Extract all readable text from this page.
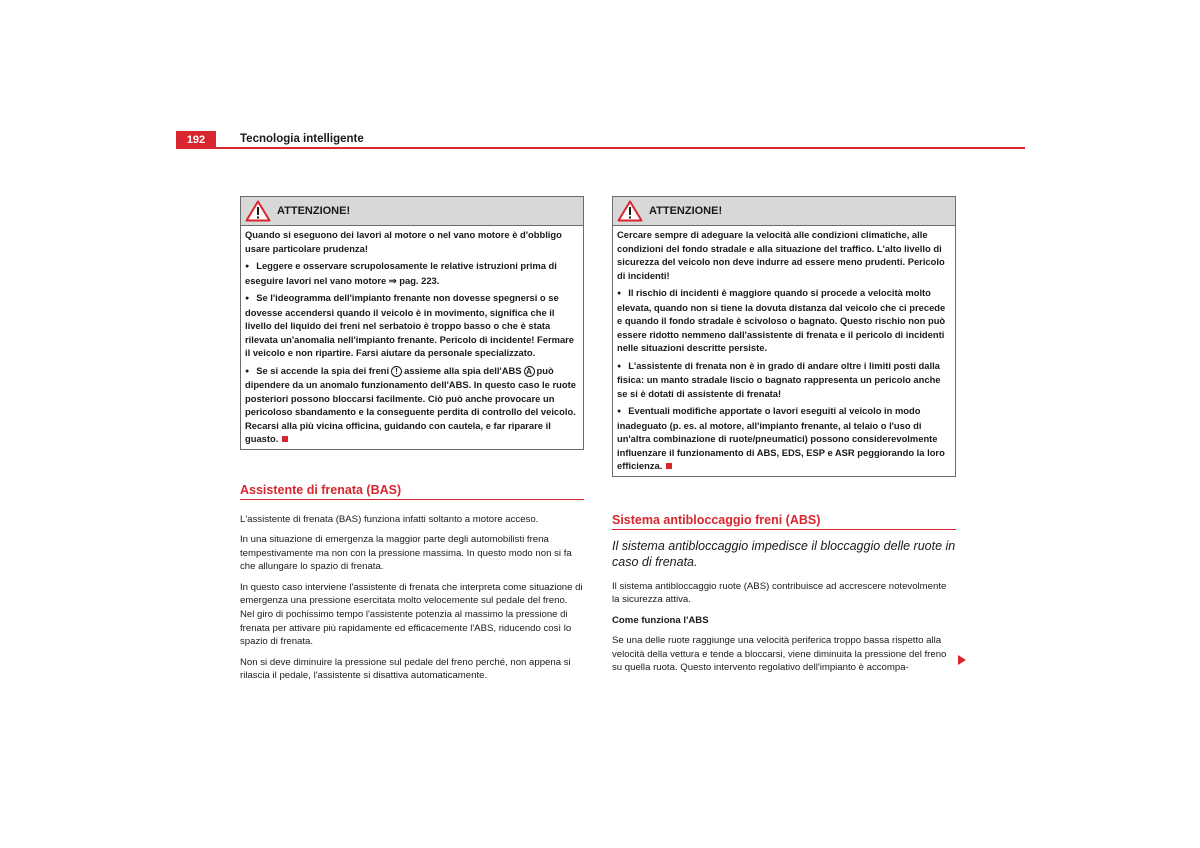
192	Tecnologia intelligente
ATTENZIONE!

Quando si eseguono dei lavori al motore o nel vano motore è d'obbligo usare particolare prudenza!

● Leggere e osservare scrupolosamente le relative istruzioni prima di eseguire lavori nel vano motore ⇒ pag. 223.

● Se l'ideogramma dell'impianto frenante non dovesse spegnersi o se dovesse accendersi quando il veicolo è in movimento, significa che il livello del liquido dei freni nel serbatoio è troppo basso o che è stata rilevata un'anomalia nell'impianto frenante. Pericolo di incidente! Fermare il veicolo e non ripartire. Farsi aiutare da personale specializzato.

● Se si accende la spia dei freni ! assieme alla spia dell'ABS A può dipendere da un anomalo funzionamento dell'ABS. In questo caso le ruote posteriori possono bloccarsi facilmente. Ciò può anche provocare un pericoloso sbandamento e la conseguente perdita di controllo del veicolo. Recarsi alla più vicina officina, guidando con cautela, e far riparare il guasto.

Assistente di frenata (BAS)

L'assistente di frenata (BAS) funziona infatti soltanto a motore acceso.

In una situazione di emergenza la maggior parte degli automobilisti frena tempestivamente ma non con la pressione massima. In questo modo non si fa che allungare lo spazio di frenata.

In questo caso interviene l'assistente di frenata che interpreta come situazione di emergenza una pressione esercitata molto velocemente sul pedale del freno. Nel giro di pochissimo tempo l'assistente potenzia al massimo la pressione di frenata per attivare più rapidamente ed efficacemente l'ABS, riducendo così lo spazio di frenata.

Non si deve diminuire la pressione sul pedale del freno perché, non appena si rilascia il pedale, l'assistente si disattiva automaticamente.

ATTENZIONE!

Cercare sempre di adeguare la velocità alle condizioni climatiche, alle condizioni del fondo stradale e alla situazione del traffico. L'alto livello di sicurezza del veicolo non deve indurre ad essere meno prudenti. Pericolo di incidenti!

● Il rischio di incidenti è maggiore quando si procede a velocità molto elevata, quando non si tiene la dovuta distanza dal veicolo che ci precede e quando il fondo stradale è scivoloso o bagnato. Questo rischio non può essere ridotto nemmeno dall'assistente di frenata e il pericolo di incidenti nelle situazioni descritte persiste.

● L'assistente di frenata non è in grado di andare oltre i limiti posti dalla fisica: un manto stradale liscio o bagnato rappresenta un pericolo anche se si è dotati di assistente di frenata!

● Eventuali modifiche apportate o lavori eseguiti al veicolo in modo inadeguato (p. es. al motore, all'impianto frenante, al telaio o l'uso di un'altra combinazione di ruote/pneumatici) possono considerevolmente influenzare il funzionamento di ABS, EDS, ESP e ASR peggiorando la loro efficienza.

Sistema antibloccaggio freni (ABS)
Il sistema antibloccaggio impedisce il bloccaggio delle ruote in caso di frenata.

Il sistema antibloccaggio ruote (ABS) contribuisce ad accrescere notevolmente la sicurezza attiva.

Come funziona l'ABS

Se una delle ruote raggiunge una velocità periferica troppo bassa rispetto alla velocità della vettura e tende a bloccarsi, viene diminuita la pressione del freno su quella ruota. Questo intervento regolativo dell'impianto è accompa-
